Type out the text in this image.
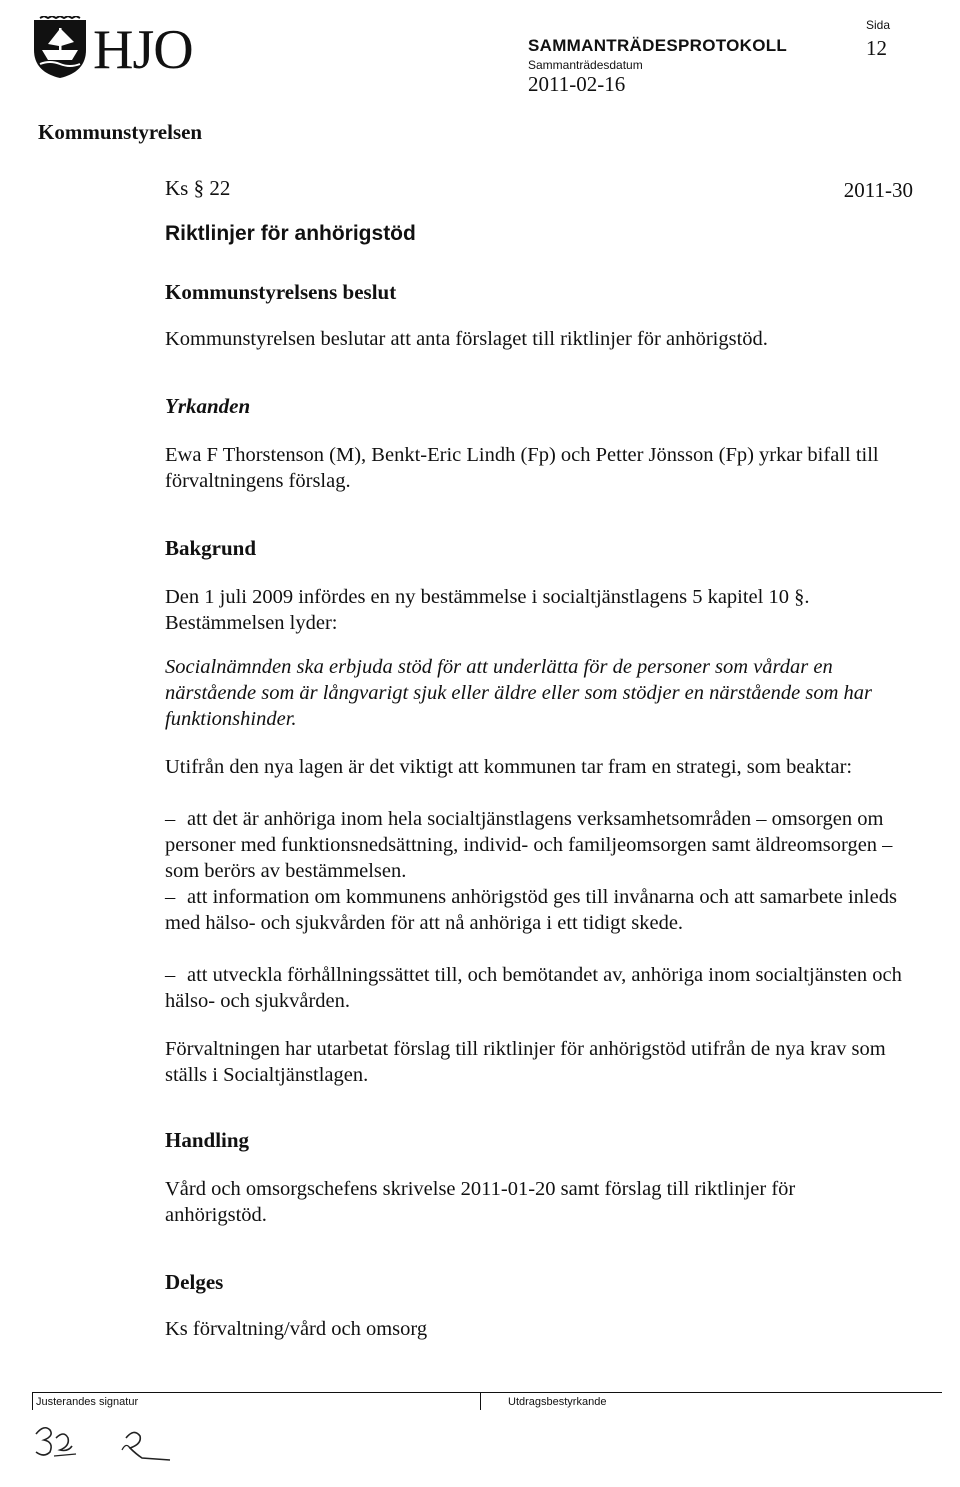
HJO	SAMMANTRÄDESPROTOKOLL
Sammanträdesdatum
2011-02-16
Sida
12
Kommunstyrelsen
Ks § 22	2011-30
Riktlinjer för anhörigstöd
Kommunstyrelsens beslut

Kommunstyrelsen beslutar att anta förslaget till riktlinjer för anhörigstöd.

Yrkanden

Ewa F Thorstenson (M), Benkt-Eric Lindh (Fp) och Petter Jönsson (Fp) yrkar bifall till förvaltningens förslag.

Bakgrund

Den 1 juli 2009 infördes en ny bestämmelse i socialtjänstlagens 5 kapitel 10 §. Bestämmelsen lyder:

Socialnämnden ska erbjuda stöd för att underlätta för de personer som vårdar en närstående som är långvarigt sjuk eller äldre eller som stödjer en närstående som har funktionshinder.

Utifrån den nya lagen är det viktigt att kommunen tar fram en strategi, som beaktar:

– att det är anhöriga inom hela socialtjänstlagens verksamhetsområden – omsorgen om personer med funktionsnedsättning, individ- och familjeomsorgen samt äldreomsorgen – som berörs av bestämmelsen.
– att information om kommunens anhörigstöd ges till invånarna och att samarbete inleds med hälso- och sjukvården för att nå anhöriga i ett tidigt skede.
– att utveckla förhållningssättet till, och bemötandet av, anhöriga inom socialtjänsten och hälso- och sjukvården.

Förvaltningen har utarbetat förslag till riktlinjer för anhörigstöd utifrån de nya krav som ställs i Socialtjänstlagen.

Handling

Vård och omsorgschefens skrivelse 2011-01-20 samt förslag till riktlinjer för anhörigstöd.

Delges

Ks förvaltning/vård och omsorg

Justerandes signatur	Utdragsbestyrkande
